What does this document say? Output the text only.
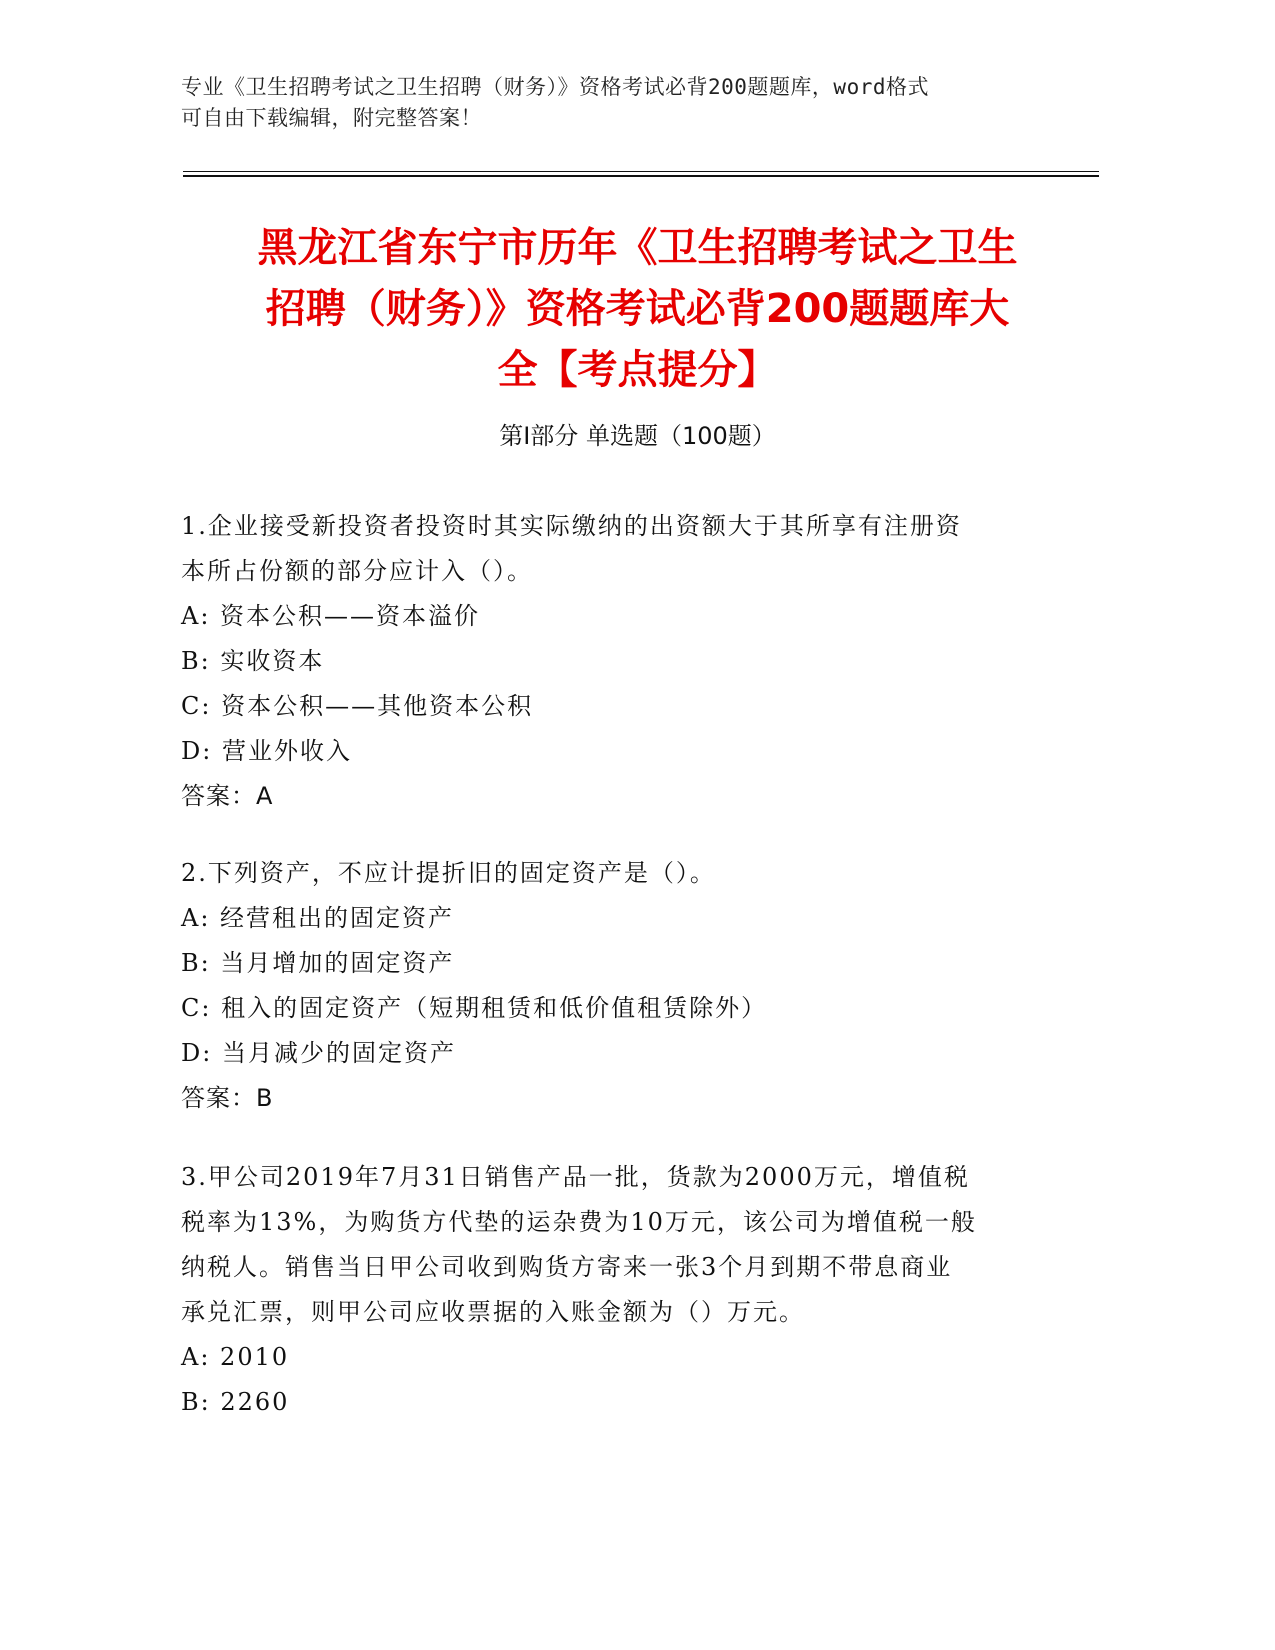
专业《卫生招聘考试之卫生招聘（财务）》资格考试必背200题题库，word格式
可自由下载编辑，附完整答案！
黑龙江省东宁市历年《卫生招聘考试之卫生
招聘（财务）》资格考试必背200题题库大
全【考点提分】
第I部分 单选题（100题）
1.企业接受新投资者投资时其实际缴纳的出资额大于其所享有注册资
本所占份额的部分应计入（）。
A: 资本公积——资本溢价
B: 实收资本
C: 资本公积——其他资本公积
D: 营业外收入
答案：A
2.下列资产，不应计提折旧的固定资产是（）。
A: 经营租出的固定资产
B: 当月增加的固定资产
C: 租入的固定资产（短期租赁和低价值租赁除外）
D: 当月减少的固定资产
答案：B
3.甲公司2019年7月31日销售产品一批，货款为2000万元，增值税
税率为13%，为购货方代垫的运杂费为10万元，该公司为增值税一般
纳税人。销售当日甲公司收到购货方寄来一张3个月到期不带息商业
承兑汇票，则甲公司应收票据的入账金额为（）万元。
A: 2010
B: 2260
